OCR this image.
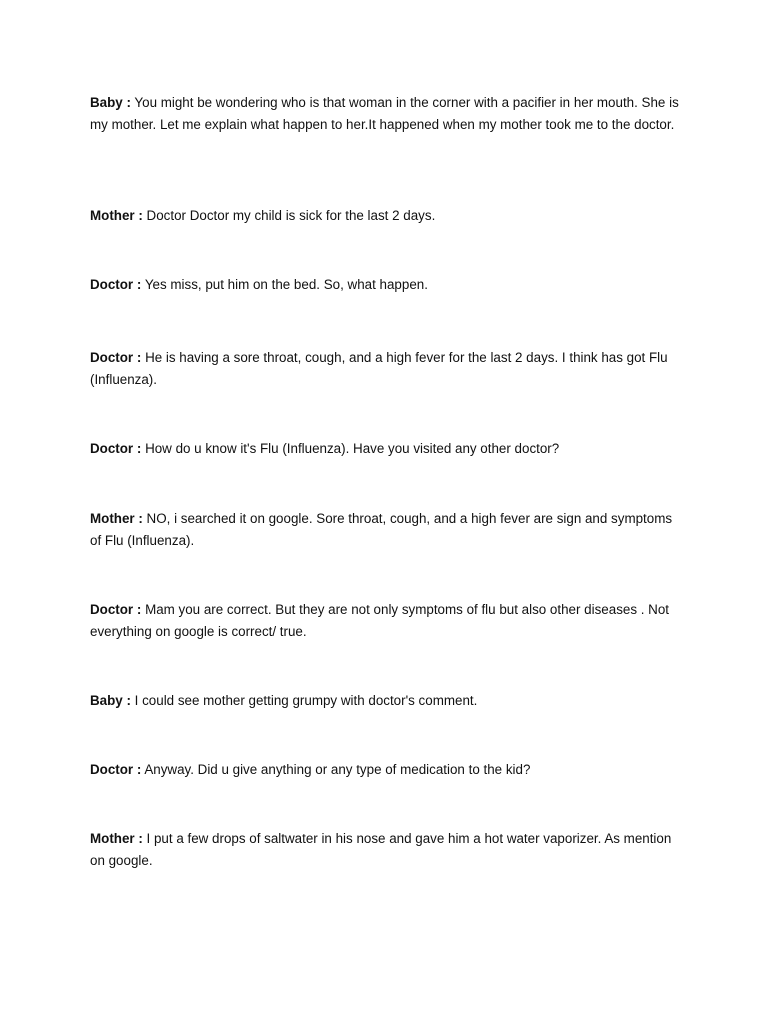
Baby : You might be wondering who is that woman in the corner with a pacifier in her mouth. She is my mother. Let me explain what happen to her.It happened when my mother took me to the doctor.

Mother : Doctor Doctor my child is sick for the last 2 days.

Doctor : Yes miss, put him on the bed. So, what happen.

Doctor : He is having a sore throat, cough, and a high fever for the last 2 days. I think has got Flu (Influenza).

Doctor : How do u know it's Flu (Influenza). Have you visited any other doctor?

Mother : NO, i searched it on google. Sore throat, cough, and a high fever are sign and symptoms of Flu (Influenza).

Doctor : Mam you are correct. But they are not only symptoms of flu but also other diseases . Not everything on google is correct/ true.

Baby : I could see mother getting grumpy with doctor's comment.

Doctor : Anyway. Did u give anything or any type of medication to the kid?

Mother : I put a few drops of saltwater in his nose and gave him a hot water vaporizer. As mention on google.
